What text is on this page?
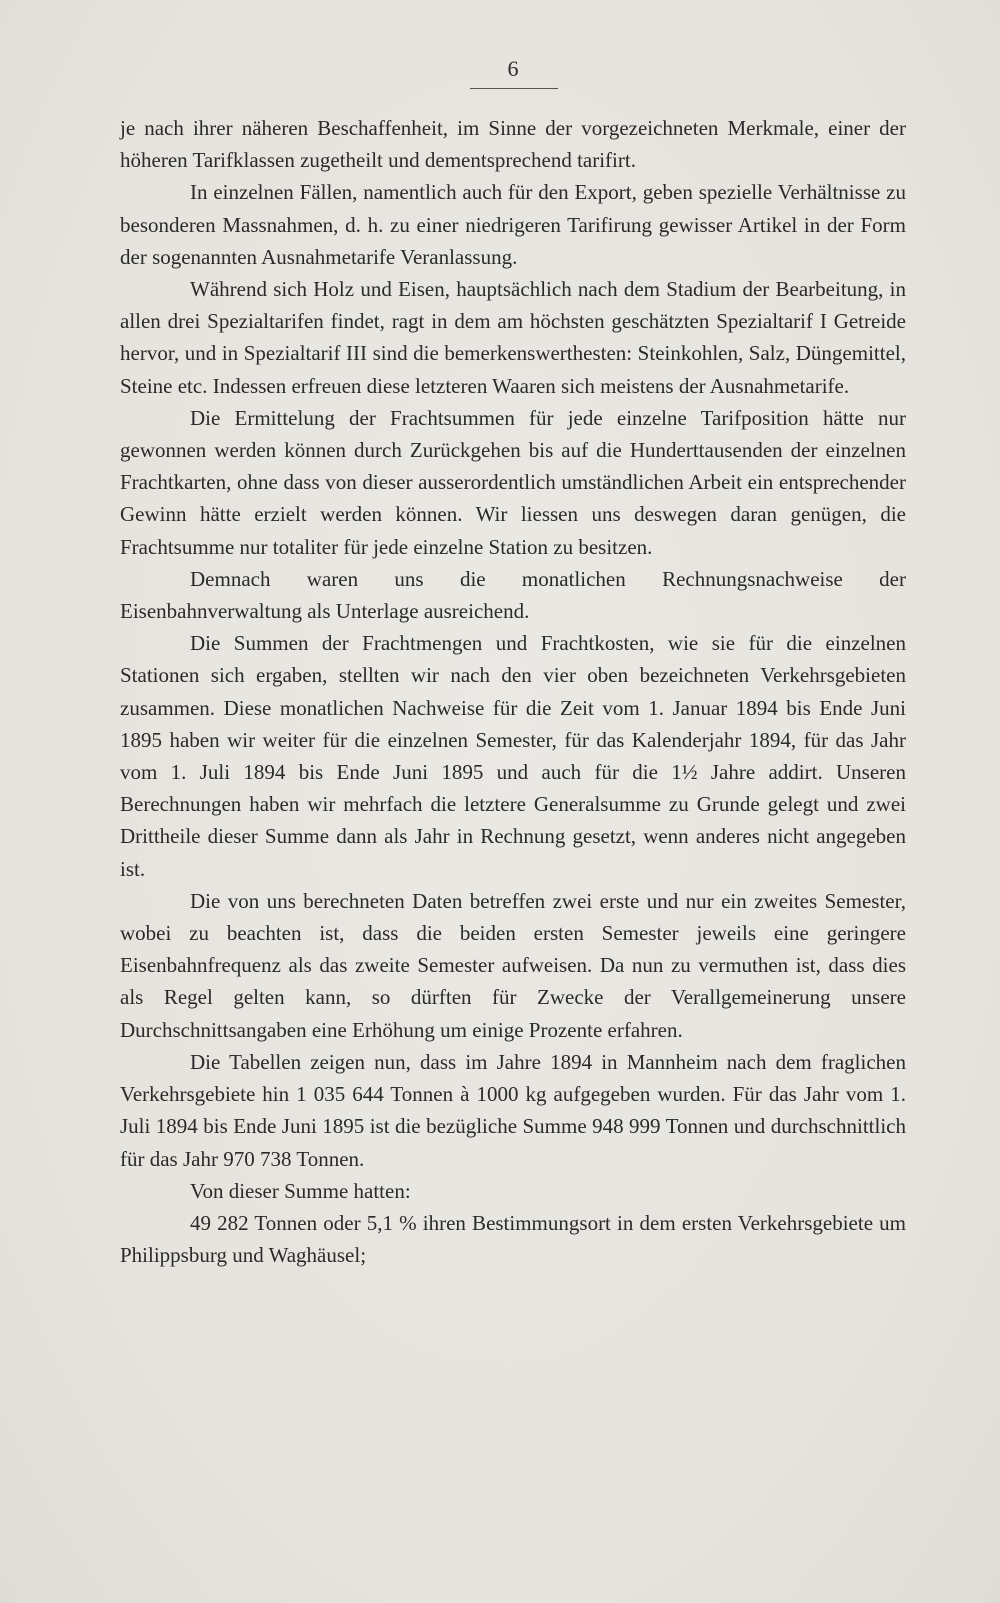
6

je nach ihrer näheren Beschaffenheit, im Sinne der vorgezeichneten Merkmale, einer der höheren Tarifklassen zugetheilt und dementsprechend tarifirt.

In einzelnen Fällen, namentlich auch für den Export, geben spezielle Verhältnisse zu besonderen Massnahmen, d. h. zu einer niedrigeren Tarifirung gewisser Artikel in der Form der sogenannten Ausnahmetarife Veranlassung.

Während sich Holz und Eisen, hauptsächlich nach dem Stadium der Bearbeitung, in allen drei Spezialtarifen findet, ragt in dem am höchsten geschätzten Spezialtarif I Getreide hervor, und in Spezialtarif III sind die bemerkenswerthesten: Steinkohlen, Salz, Düngemittel, Steine etc. Indessen erfreuen diese letzteren Waaren sich meistens der Ausnahmetarife.

Die Ermittelung der Frachtsummen für jede einzelne Tarifposition hätte nur gewonnen werden können durch Zurückgehen bis auf die Hunderttausenden der einzelnen Frachtkarten, ohne dass von dieser ausserordentlich umständlichen Arbeit ein entsprechender Gewinn hätte erzielt werden können. Wir liessen uns deswegen daran genügen, die Frachtsumme nur totaliter für jede einzelne Station zu besitzen.

Demnach waren uns die monatlichen Rechnungsnachweise der Eisenbahnverwaltung als Unterlage ausreichend.

Die Summen der Frachtmengen und Frachtkosten, wie sie für die einzelnen Stationen sich ergaben, stellten wir nach den vier oben bezeichneten Verkehrsgebieten zusammen. Diese monatlichen Nachweise für die Zeit vom 1. Januar 1894 bis Ende Juni 1895 haben wir weiter für die einzelnen Semester, für das Kalenderjahr 1894, für das Jahr vom 1. Juli 1894 bis Ende Juni 1895 und auch für die 1½ Jahre addirt. Unseren Berechnungen haben wir mehrfach die letztere Generalsumme zu Grunde gelegt und zwei Drittheile dieser Summe dann als Jahr in Rechnung gesetzt, wenn anderes nicht angegeben ist.

Die von uns berechneten Daten betreffen zwei erste und nur ein zweites Semester, wobei zu beachten ist, dass die beiden ersten Semester jeweils eine geringere Eisenbahnfrequenz als das zweite Semester aufweisen. Da nun zu vermuthen ist, dass dies als Regel gelten kann, so dürften für Zwecke der Verallgemeinerung unsere Durchschnittsangaben eine Erhöhung um einige Prozente erfahren.

Die Tabellen zeigen nun, dass im Jahre 1894 in Mannheim nach dem fraglichen Verkehrsgebiete hin 1 035 644 Tonnen à 1000 kg aufgegeben wurden. Für das Jahr vom 1. Juli 1894 bis Ende Juni 1895 ist die bezügliche Summe 948 999 Tonnen und durchschnittlich für das Jahr 970 738 Tonnen.

Von dieser Summe hatten:

49 282 Tonnen oder 5,1 % ihren Bestimmungsort in dem ersten Verkehrsgebiete um Philippsburg und Waghäusel;
